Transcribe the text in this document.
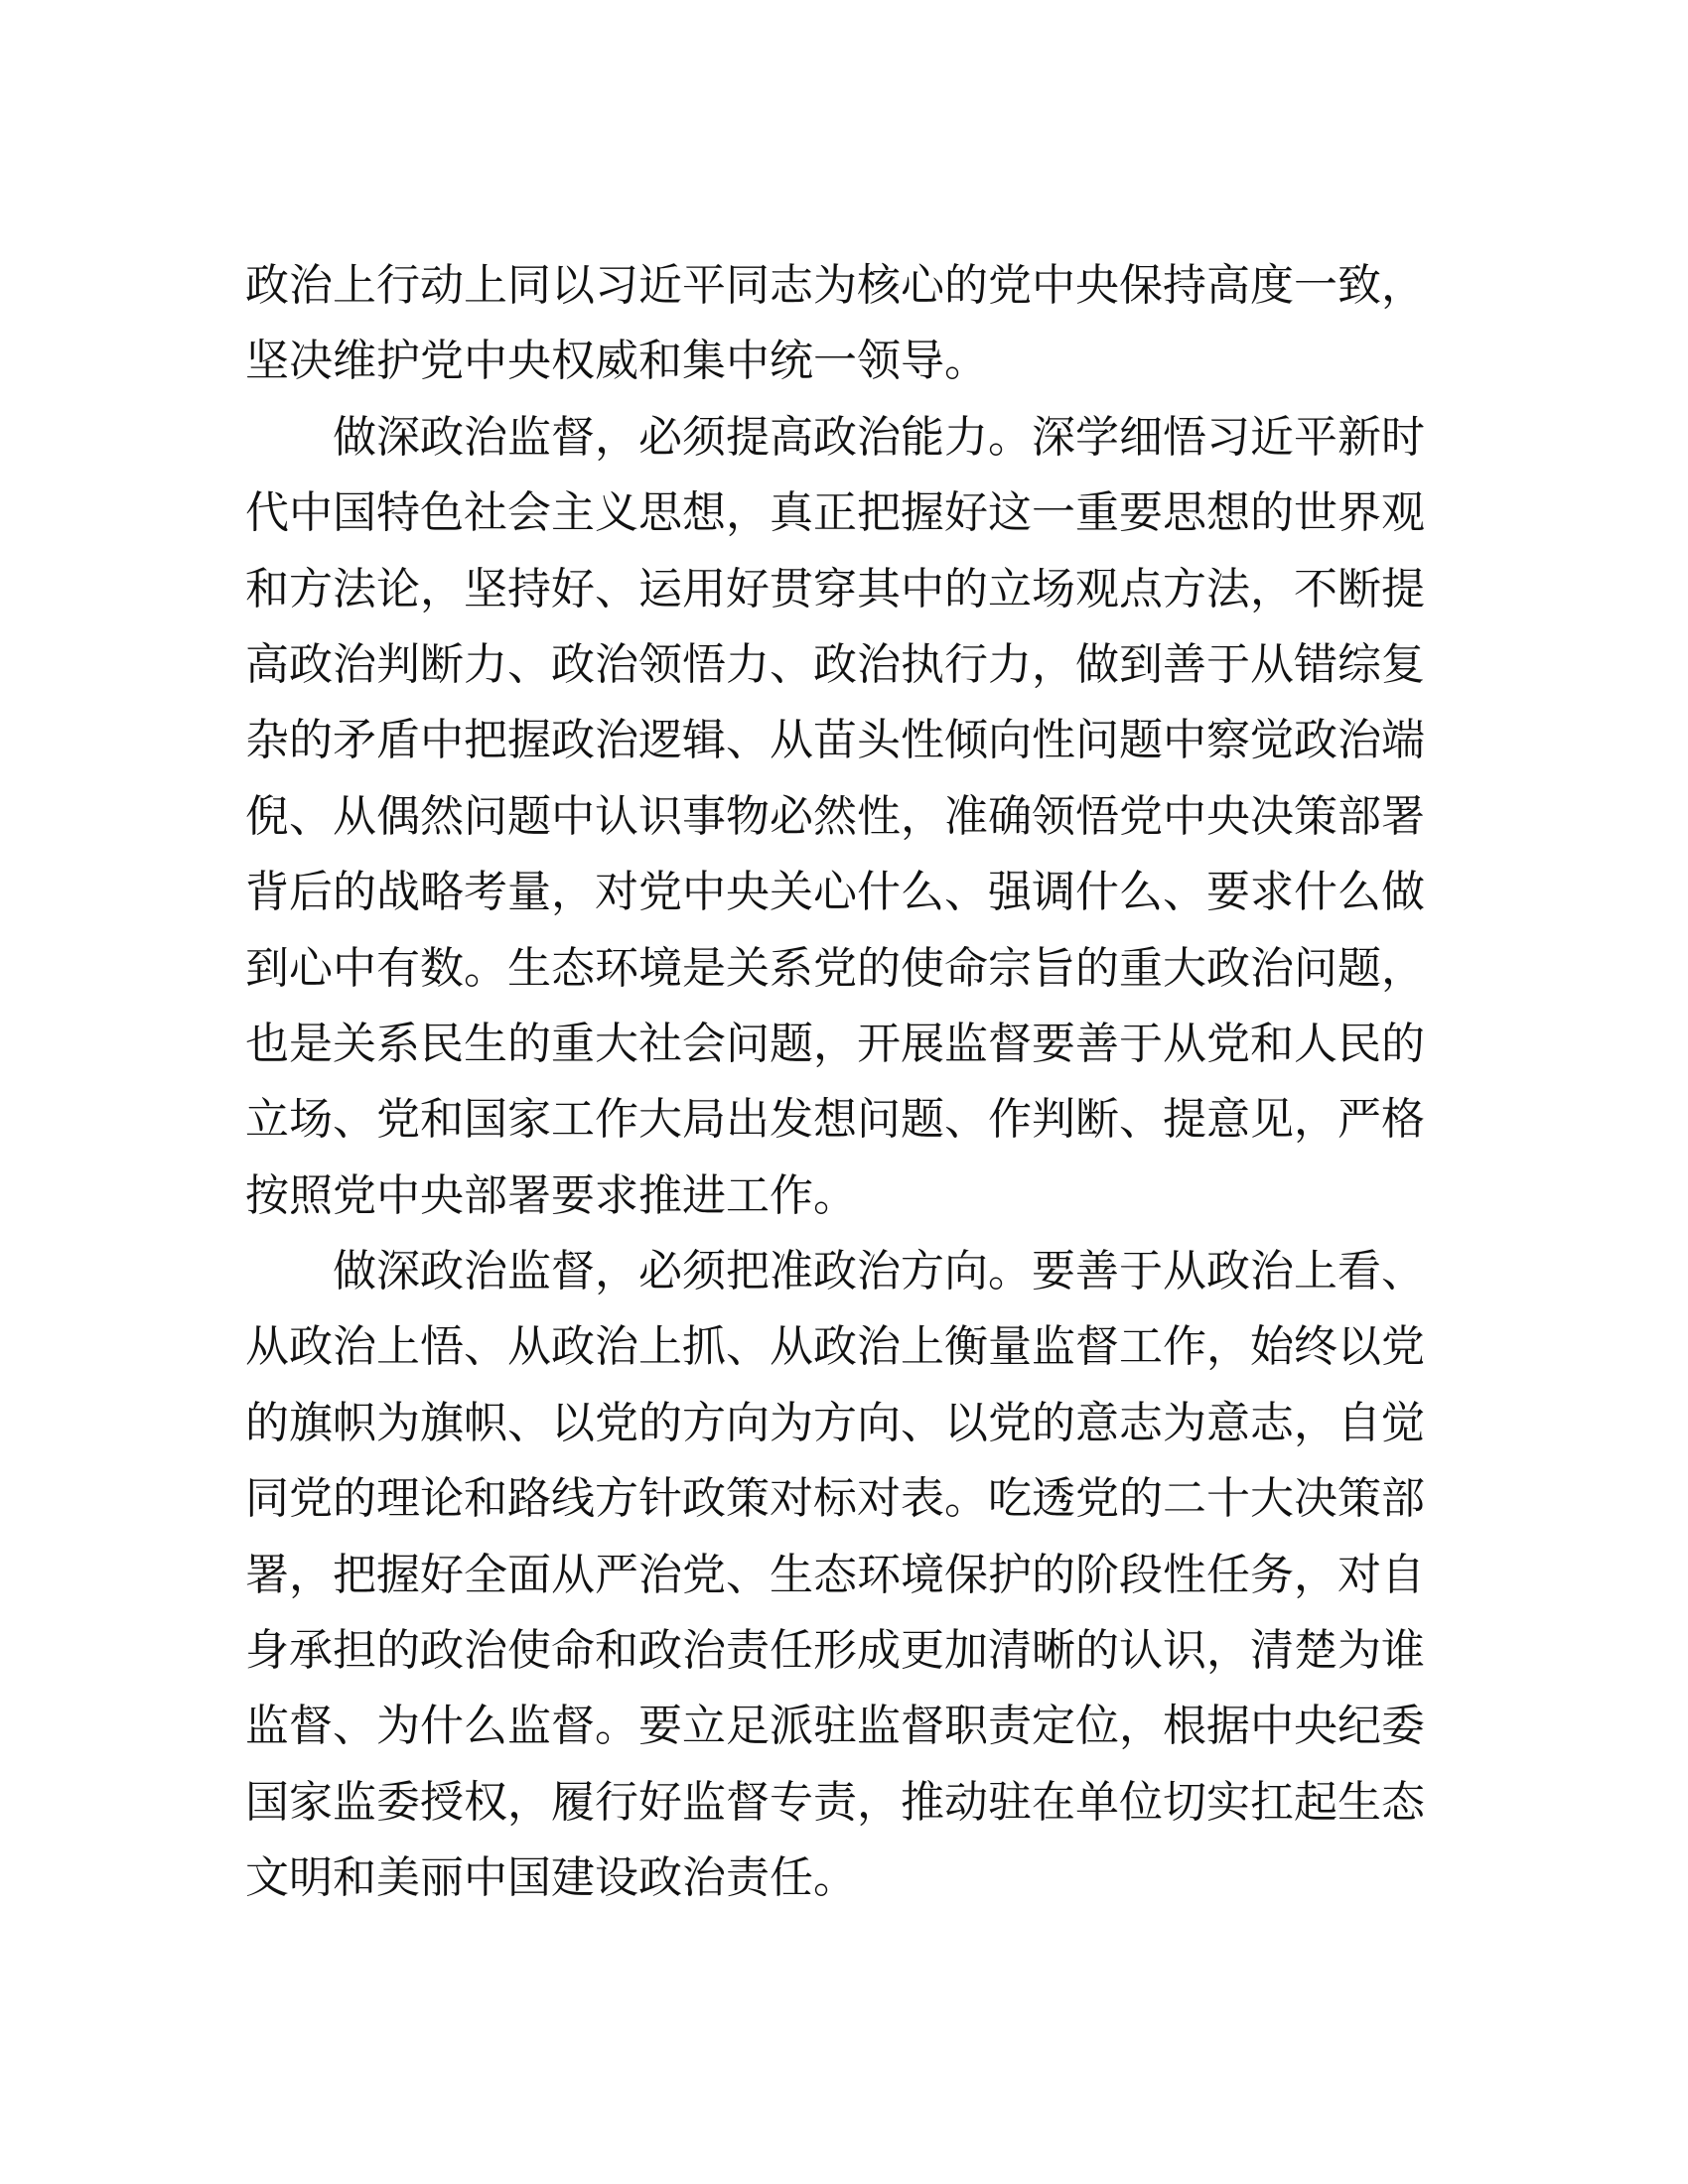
政治上行动上同以习近平同志为核心的党中央保持高度一致，
坚决维护党中央权威和集中统一领导。
做深政治监督，必须提高政治能力。深学细悟习近平新时
代中国特色社会主义思想，真正把握好这一重要思想的世界观
和方法论，坚持好、运用好贯穿其中的立场观点方法，不断提
高政治判断力、政治领悟力、政治执行力，做到善于从错综复
杂的矛盾中把握政治逻辑、从苗头性倾向性问题中察觉政治端
倪、从偶然问题中认识事物必然性，准确领悟党中央决策部署
背后的战略考量，对党中央关心什么、强调什么、要求什么做
到心中有数。生态环境是关系党的使命宗旨的重大政治问题，
也是关系民生的重大社会问题，开展监督要善于从党和人民的
立场、党和国家工作大局出发想问题、作判断、提意见，严格
按照党中央部署要求推进工作。
做深政治监督，必须把准政治方向。要善于从政治上看、
从政治上悟、从政治上抓、从政治上衡量监督工作，始终以党
的旗帜为旗帜、以党的方向为方向、以党的意志为意志，自觉
同党的理论和路线方针政策对标对表。吃透党的二十大决策部
署，把握好全面从严治党、生态环境保护的阶段性任务，对自
身承担的政治使命和政治责任形成更加清晰的认识，清楚为谁
监督、为什么监督。要立足派驻监督职责定位，根据中央纪委
国家监委授权，履行好监督专责，推动驻在单位切实扛起生态
文明和美丽中国建设政治责任。
